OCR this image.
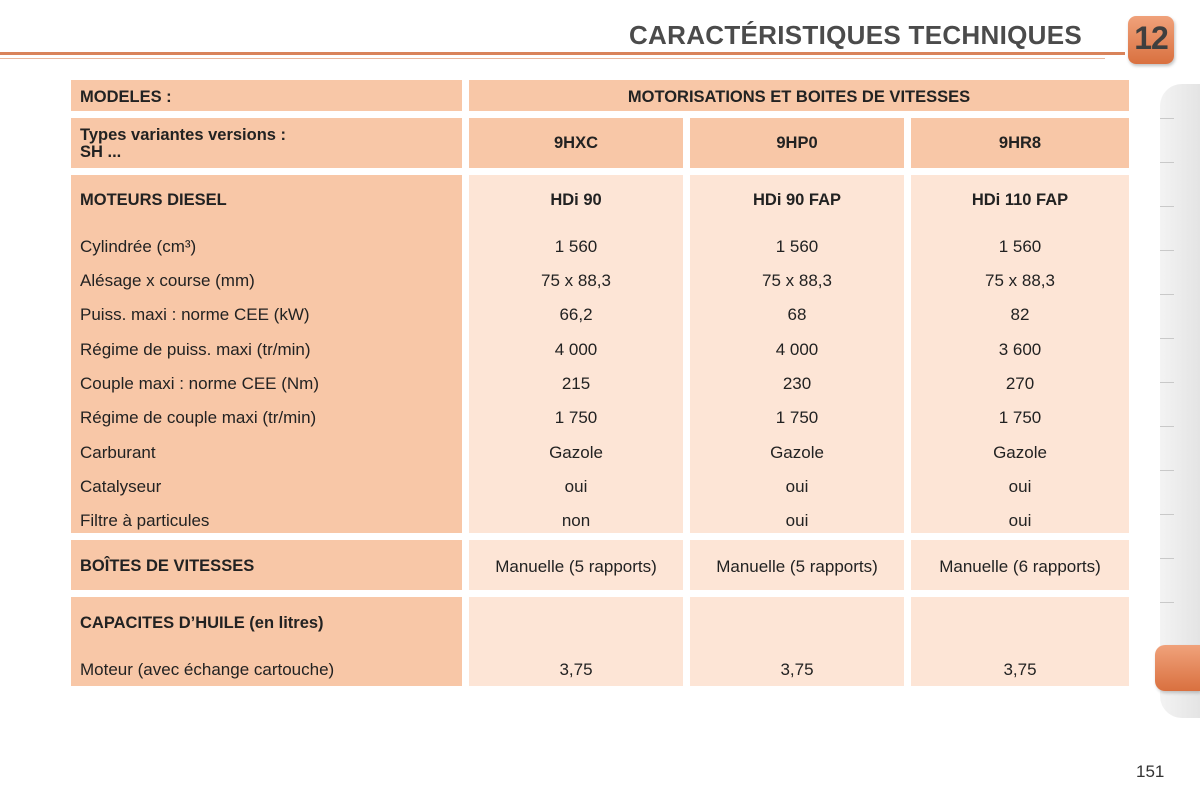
CARACTÉRISTIQUES TECHNIQUES 12
MODELES :	MOTORISATIONS ET BOITES DE VITESSES
Types variantes versions :
SH ...	9HXC	9HP0	9HR8
MOTEURS DIESEL	HDi 90	HDi 90 FAP	HDi 110 FAP
Cylindrée (cm³)	1 560	1 560	1 560
Alésage x course (mm)	75 x 88,3	75 x 88,3	75 x 88,3
Puiss. maxi : norme CEE (kW)	66,2	68	82
Régime de puiss. maxi (tr/min)	4 000	4 000	3 600
Couple maxi : norme CEE (Nm)	215	230	270
Régime de couple maxi (tr/min)	1 750	1 750	1 750
Carburant	Gazole	Gazole	Gazole
Catalyseur	oui	oui	oui
Filtre à particules	non	oui	oui
BOÎTES DE VITESSES	Manuelle (5 rapports)	Manuelle (5 rapports)	Manuelle (6 rapports)
CAPACITES D’HUILE (en litres)
Moteur (avec échange cartouche)	3,75	3,75	3,75
151
